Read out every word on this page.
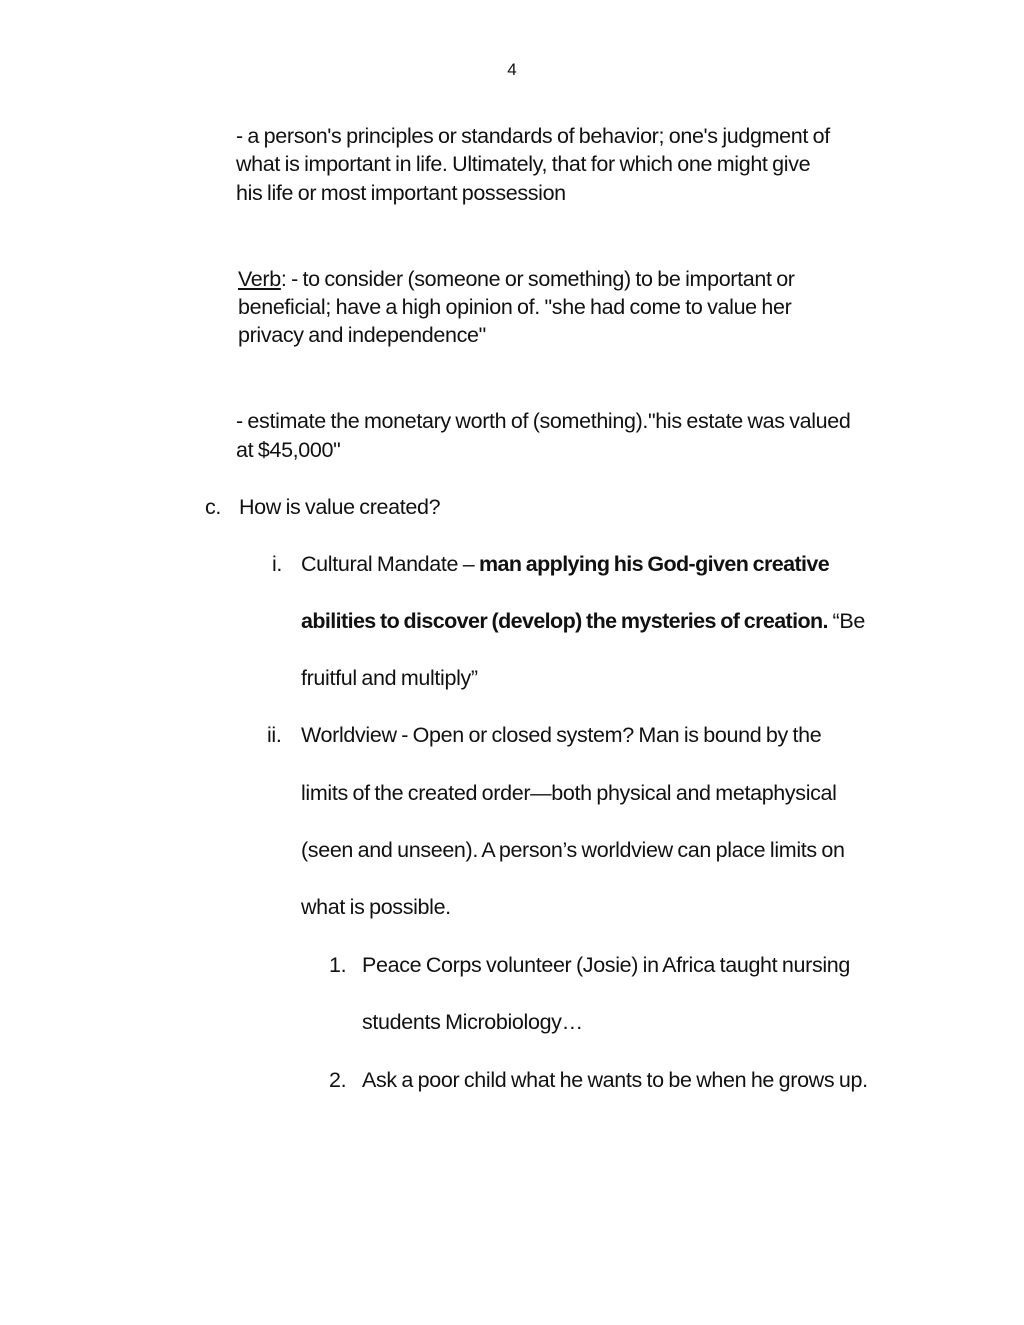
4
- a person's principles or standards of behavior; one's judgment of
what is important in life. Ultimately, that for which one might give
his life or most important possession
Verb: - to consider (someone or something) to be important or
beneficial; have a high opinion of. "she had come to value her
privacy and independence"
- estimate the monetary worth of (something)."his estate was valued
at $45,000"
c. How is value created?
i. Cultural Mandate – man applying his God-given creative
abilities to discover (develop) the mysteries of creation. “Be
fruitful and multiply”
ii. Worldview - Open or closed system? Man is bound by the
limits of the created order—both physical and metaphysical
(seen and unseen). A person’s worldview can place limits on
what is possible.
1. Peace Corps volunteer (Josie) in Africa taught nursing
students Microbiology…
2. Ask a poor child what he wants to be when he grows up.
